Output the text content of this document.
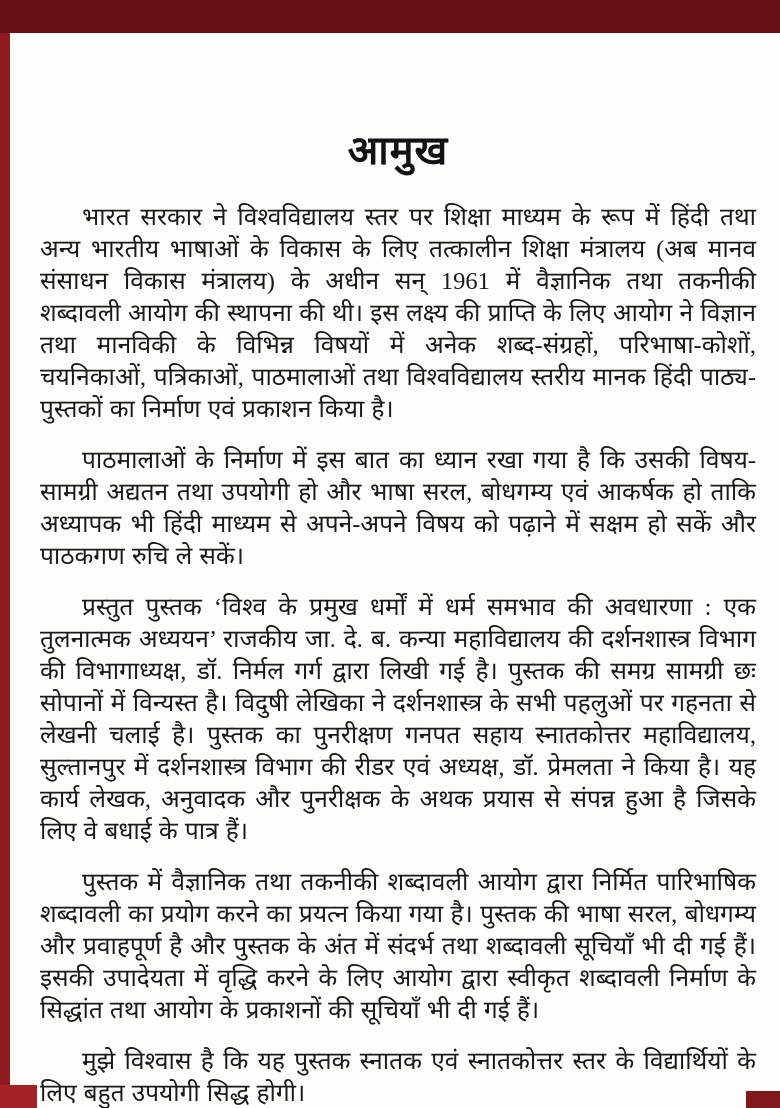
आमुख

भारत सरकार ने विश्वविद्यालय स्तर पर शिक्षा माध्यम के रूप में हिंदी तथा अन्य भारतीय भाषाओं के विकास के लिए तत्कालीन शिक्षा मंत्रालय (अब मानव संसाधन विकास मंत्रालय) के अधीन सन् 1961 में वैज्ञानिक तथा तकनीकी शब्दावली आयोग की स्थापना की थी। इस लक्ष्य की प्राप्ति के लिए आयोग ने विज्ञान तथा मानविकी के विभिन्न विषयों में अनेक शब्द-संग्रहों, परिभाषा-कोशों, चयनिकाओं, पत्रिकाओं, पाठमालाओं तथा विश्वविद्यालय स्तरीय मानक हिंदी पाठ्य-पुस्तकों का निर्माण एवं प्रकाशन किया है।

पाठमालाओं के निर्माण में इस बात का ध्यान रखा गया है कि उसकी विषय-सामग्री अद्यतन तथा उपयोगी हो और भाषा सरल, बोधगम्य एवं आकर्षक हो ताकि अध्यापक भी हिंदी माध्यम से अपने-अपने विषय को पढ़ाने में सक्षम हो सकें और पाठकगण रुचि ले सकें।

प्रस्तुत पुस्तक ‘विश्व के प्रमुख धर्मों में धर्म समभाव की अवधारणा : एक तुलनात्मक अध्ययन’ राजकीय जा. दे. ब. कन्या महाविद्यालय की दर्शनशास्त्र विभाग की विभागाध्यक्ष, डॉ. निर्मल गर्ग द्वारा लिखी गई है। पुस्तक की समग्र सामग्री छः सोपानों में विन्यस्त है। विदुषी लेखिका ने दर्शनशास्त्र के सभी पहलुओं पर गहनता से लेखनी चलाई है। पुस्तक का पुनरीक्षण गनपत सहाय स्नातकोत्तर महाविद्यालय, सुल्तानपुर में दर्शनशास्त्र विभाग की रीडर एवं अध्यक्ष, डॉ. प्रेमलता ने किया है। यह कार्य लेखक, अनुवादक और पुनरीक्षक के अथक प्रयास से संपन्न हुआ है जिसके लिए वे बधाई के पात्र हैं।

पुस्तक में वैज्ञानिक तथा तकनीकी शब्दावली आयोग द्वारा निर्मित पारिभाषिक शब्दावली का प्रयोग करने का प्रयत्न किया गया है। पुस्तक की भाषा सरल, बोधगम्य और प्रवाहपूर्ण है और पुस्तक के अंत में संदर्भ तथा शब्दावली सूचियाँ भी दी गई हैं। इसकी उपादेयता में वृद्धि करने के लिए आयोग द्वारा स्वीकृत शब्दावली निर्माण के सिद्धांत तथा आयोग के प्रकाशनों की सूचियाँ भी दी गई हैं।

मुझे विश्वास है कि यह पुस्तक स्नातक एवं स्नातकोत्तर स्तर के विद्यार्थियों के लिए बहुत उपयोगी सिद्ध होगी।
